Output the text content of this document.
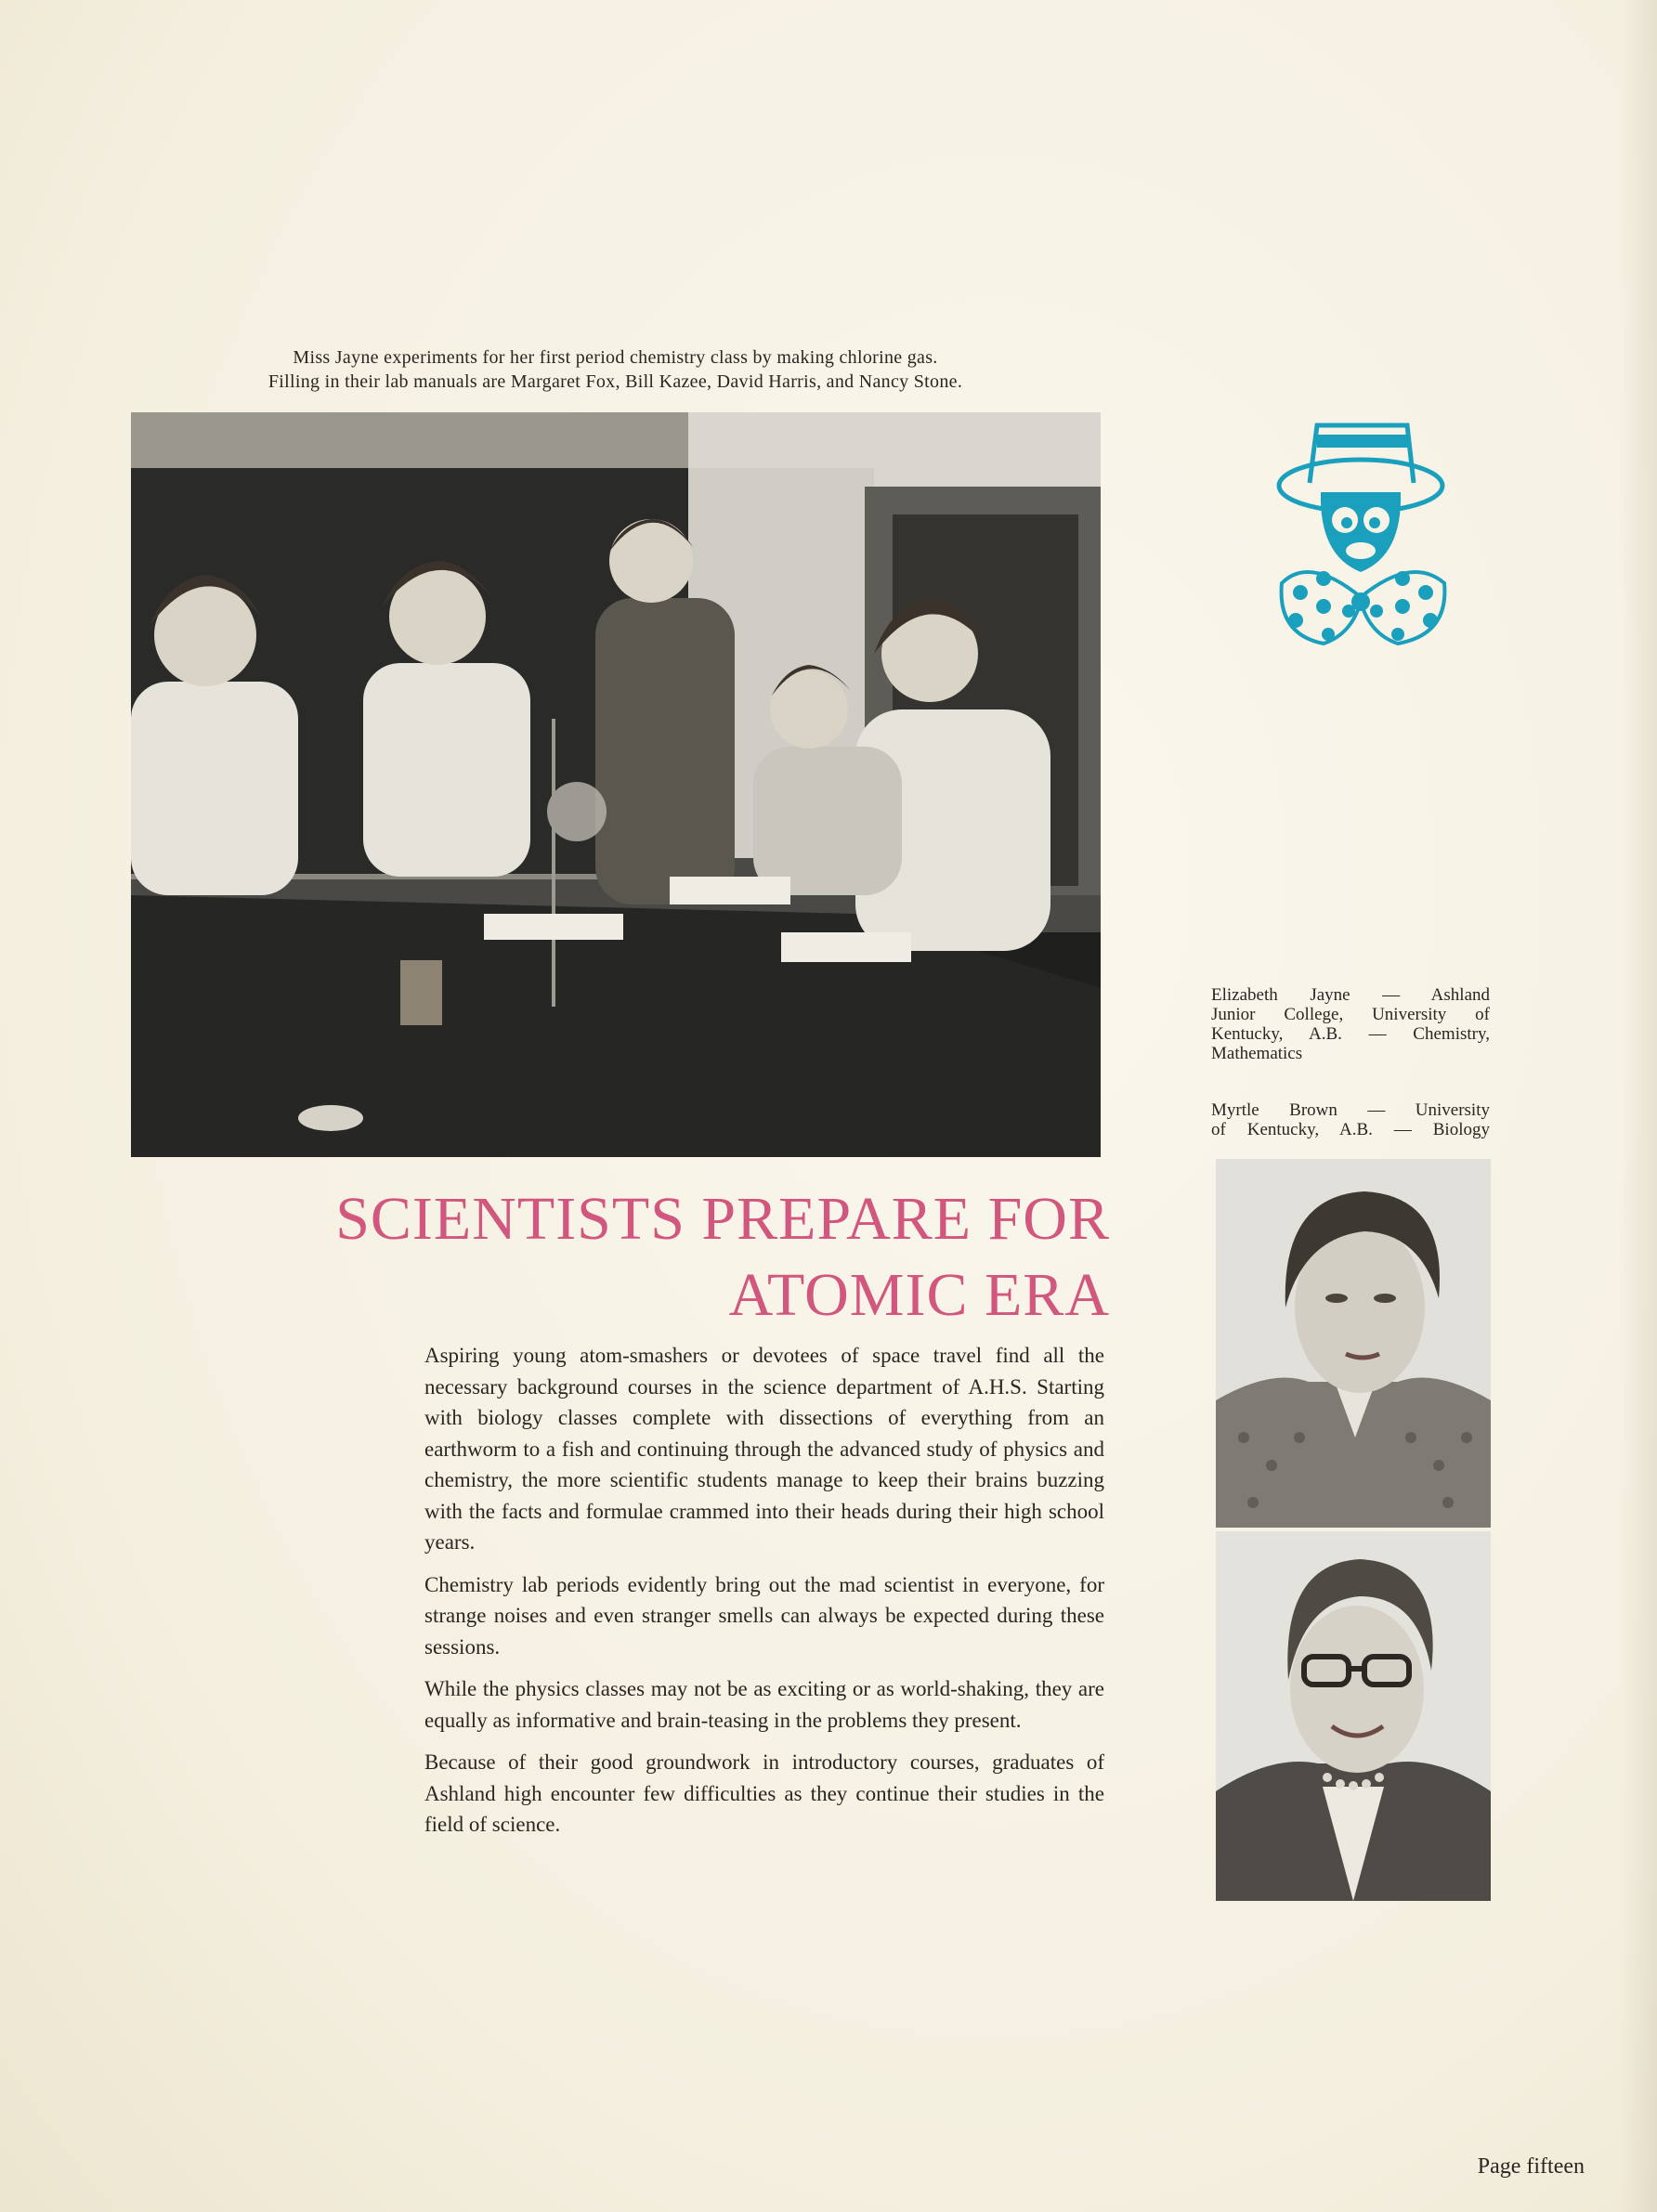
Miss Jayne experiments for her first period chemistry class by making chlorine gas.
Filling in their lab manuals are Margaret Fox, Bill Kazee, David Harris, and Nancy Stone.
SCIENTISTS PREPARE FOR
ATOMIC ERA

Aspiring young atom-smashers or devotees of space travel find all the necessary background courses in the science department of A.H.S. Starting with biology classes complete with dissections of everything from an earthworm to a fish and continuing through the advanced study of physics and chemistry, the more scientific students manage to keep their brains buzzing with the facts and formulae crammed into their heads during their high school years.

Chemistry lab periods evidently bring out the mad scientist in everyone, for strange noises and even stranger smells can always be expected during these sessions.

While the physics classes may not be as exciting or as world-shaking, they are equally as informative and brain-teasing in the problems they present.

Because of their good groundwork in introductory courses, graduates of Ashland high encounter few difficulties as they continue their studies in the field of science.

Elizabeth Jayne — Ashland
Junior College, University of
Kentucky, A.B. — Chemistry,
Mathematics
Myrtle Brown — University
of Kentucky, A.B. — Biology
Page fifteen
